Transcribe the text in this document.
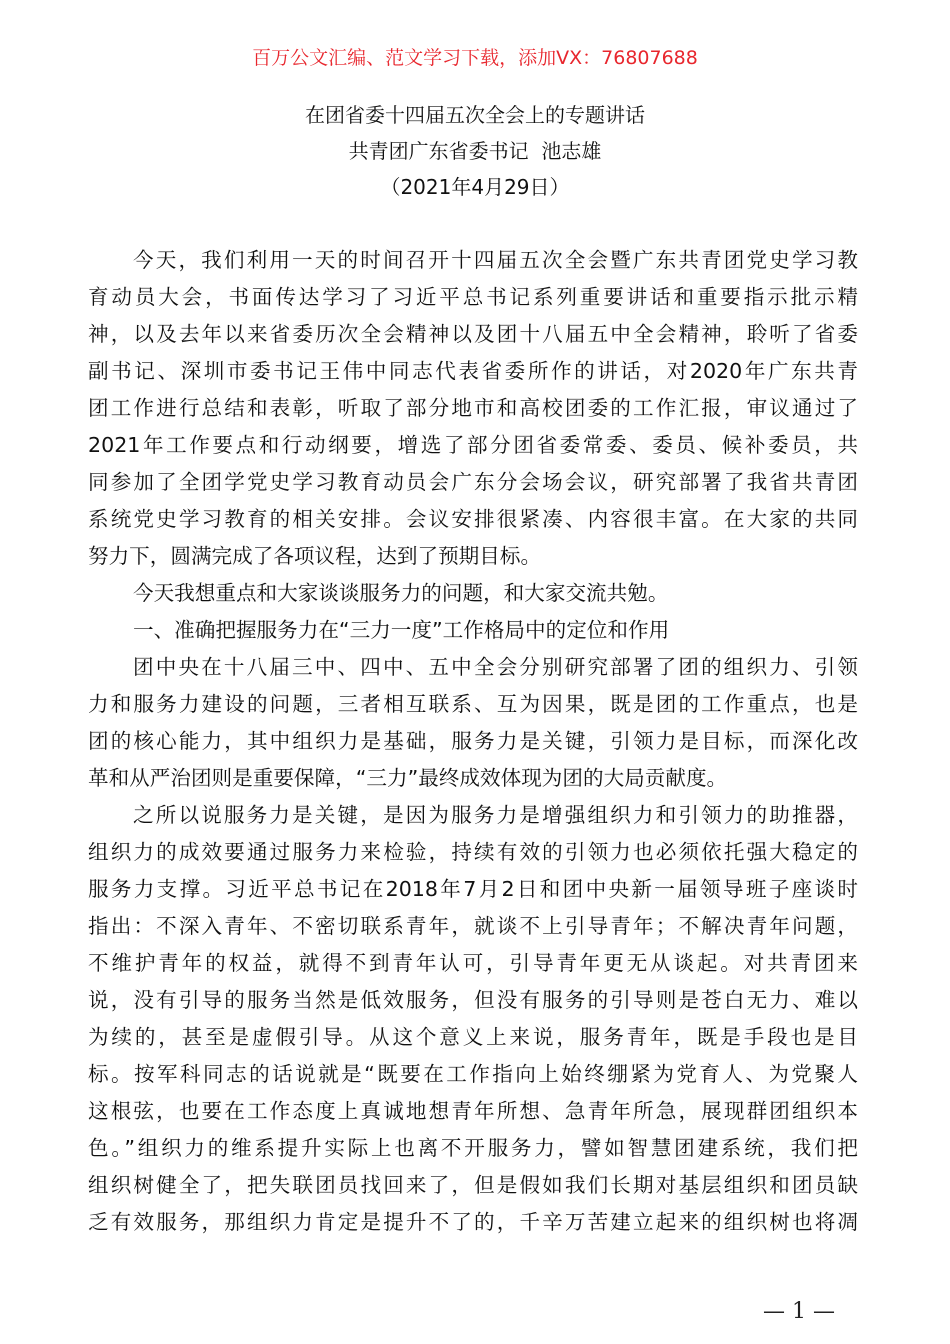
百万公文汇编、范文学习下载，添加VX：76807688
在团省委十四届五次全会上的专题讲话
共青团广东省委书记  池志雄
（2021年4月29日）
今天，我们利用一天的时间召开十四届五次全会暨广东共青团党史学习教
育动员大会，书面传达学习了习近平总书记系列重要讲话和重要指示批示精
神，以及去年以来省委历次全会精神以及团十八届五中全会精神，聆听了省委
副书记、深圳市委书记王伟中同志代表省委所作的讲话，对2020年广东共青
团工作进行总结和表彰，听取了部分地市和高校团委的工作汇报，审议通过了
2021年工作要点和行动纲要，增选了部分团省委常委、委员、候补委员，共
同参加了全团学党史学习教育动员会广东分会场会议，研究部署了我省共青团
系统党史学习教育的相关安排。会议安排很紧凑、内容很丰富。在大家的共同
努力下，圆满完成了各项议程，达到了预期目标。
今天我想重点和大家谈谈服务力的问题，和大家交流共勉。
一、准确把握服务力在“三力一度”工作格局中的定位和作用
团中央在十八届三中、四中、五中全会分别研究部署了团的组织力、引领
力和服务力建设的问题，三者相互联系、互为因果，既是团的工作重点，也是
团的核心能力，其中组织力是基础，服务力是关键，引领力是目标，而深化改
革和从严治团则是重要保障，“三力”最终成效体现为团的大局贡献度。
之所以说服务力是关键，是因为服务力是增强组织力和引领力的助推器，
组织力的成效要通过服务力来检验，持续有效的引领力也必须依托强大稳定的
服务力支撑。习近平总书记在2018年7月2日和团中央新一届领导班子座谈时
指出：不深入青年、不密切联系青年，就谈不上引导青年；不解决青年问题，
不维护青年的权益，就得不到青年认可，引导青年更无从谈起。对共青团来
说，没有引导的服务当然是低效服务，但没有服务的引导则是苍白无力、难以
为续的，甚至是虚假引导。从这个意义上来说，服务青年，既是手段也是目
标。按军科同志的话说就是“既要在工作指向上始终绷紧为党育人、为党聚人
这根弦，也要在工作态度上真诚地想青年所想、急青年所急，展现群团组织本
色。”组织力的维系提升实际上也离不开服务力，譬如智慧团建系统，我们把
组织树健全了，把失联团员找回来了，但是假如我们长期对基层组织和团员缺
乏有效服务，那组织力肯定是提升不了的，千辛万苦建立起来的组织树也将凋
— 1 —
